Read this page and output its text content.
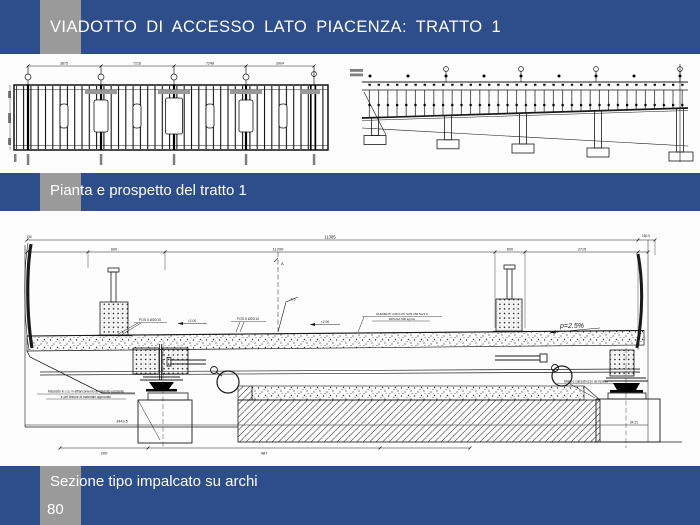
VIADOTTO DI ACCESSO LATO PIACENZA: TRATTO 1
3875	7218	7248	3904
Pianta e prospetto del tratto 1
11385
11200
600	600	2715
150.5
150
A
4.5
200	487
3443.5	34.21
POS.5 Ø20/10	=2.00	POS.5 Ø20/10
=2.00
ELEMENTI CIRCUITI SCR 250 Sa/1.0
MIPHSA 500 kg/mq
p=2.5%
Massetto in c.a. in affiancamento al Viadotto esistente
e per finiture di materiale approvato
Malta e calcestruzzo da ripresa
Sezione tipo impalcato su archi
80
